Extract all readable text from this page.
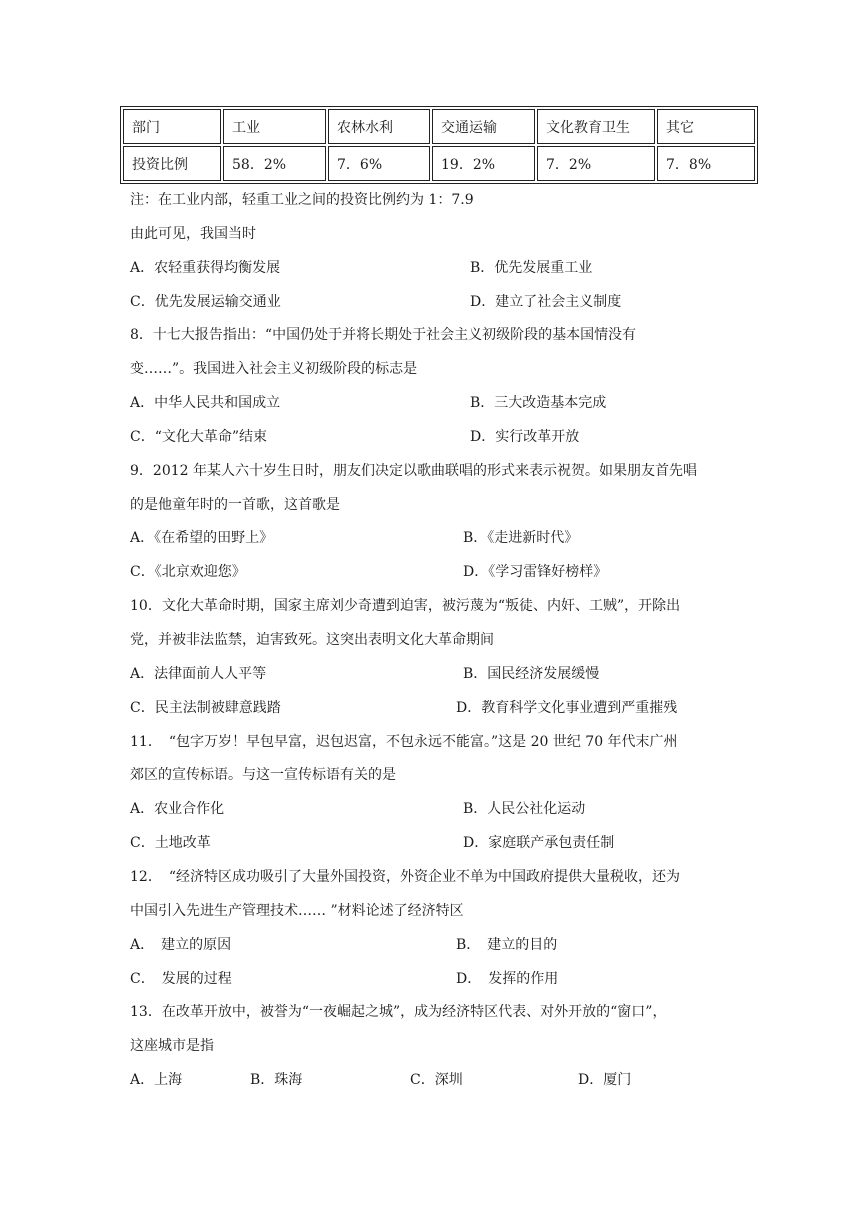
部门	工业	农林水利	交通运输	文化教育卫生	其它
投资比例	58．2%	7．6%	19．2%	7．2%	7．8%
注：在工业内部，轻重工业之间的投资比例约为 1：7.9
由此可见，我国当时
A．农轻重获得均衡发展	B．优先发展重工业
C．优先发展运输交通业	D．建立了社会主义制度
8．十七大报告指出：“中国仍处于并将长期处于社会主义初级阶段的基本国情没有
变……”。我国进入社会主义初级阶段的标志是
A．中华人民共和国成立	B．三大改造基本完成
C．“文化大革命”结束	D．实行改革开放
9．2012 年某人六十岁生日时，朋友们决定以歌曲联唱的形式来表示祝贺。如果朋友首先唱
的是他童年时的一首歌，这首歌是
A．《在希望的田野上》	B．《走进新时代》
C．《北京欢迎您》	D．《学习雷锋好榜样》
10．文化大革命时期，国家主席刘少奇遭到迫害，被污蔑为“叛徒、内奸、工贼”，开除出
党，并被非法监禁，迫害致死。这突出表明文化大革命期间
A．法律面前人人平等	B．国民经济发展缓慢
C．民主法制被肆意践踏	D．教育科学文化事业遭到严重摧残
11．　“包字万岁！早包早富，迟包迟富，不包永远不能富。”这是 20 世纪 70 年代末广州
郊区的宣传标语。与这一宣传标语有关的是
A．农业合作化	B．人民公社化运动
C．土地改革	D．家庭联产承包责任制
12．　“经济特区成功吸引了大量外国投资，外资企业不单为中国政府提供大量税收，还为
中国引入先进生产管理技术…… ”材料论述了经济特区
A．　建立的原因	B．　建立的目的
C．　发展的过程	D．　发挥的作用
13．在改革开放中，被誉为“一夜崛起之城”，成为经济特区代表、对外开放的“窗口”，
这座城市是指
A．上海	B．珠海	C．深圳	D．厦门
